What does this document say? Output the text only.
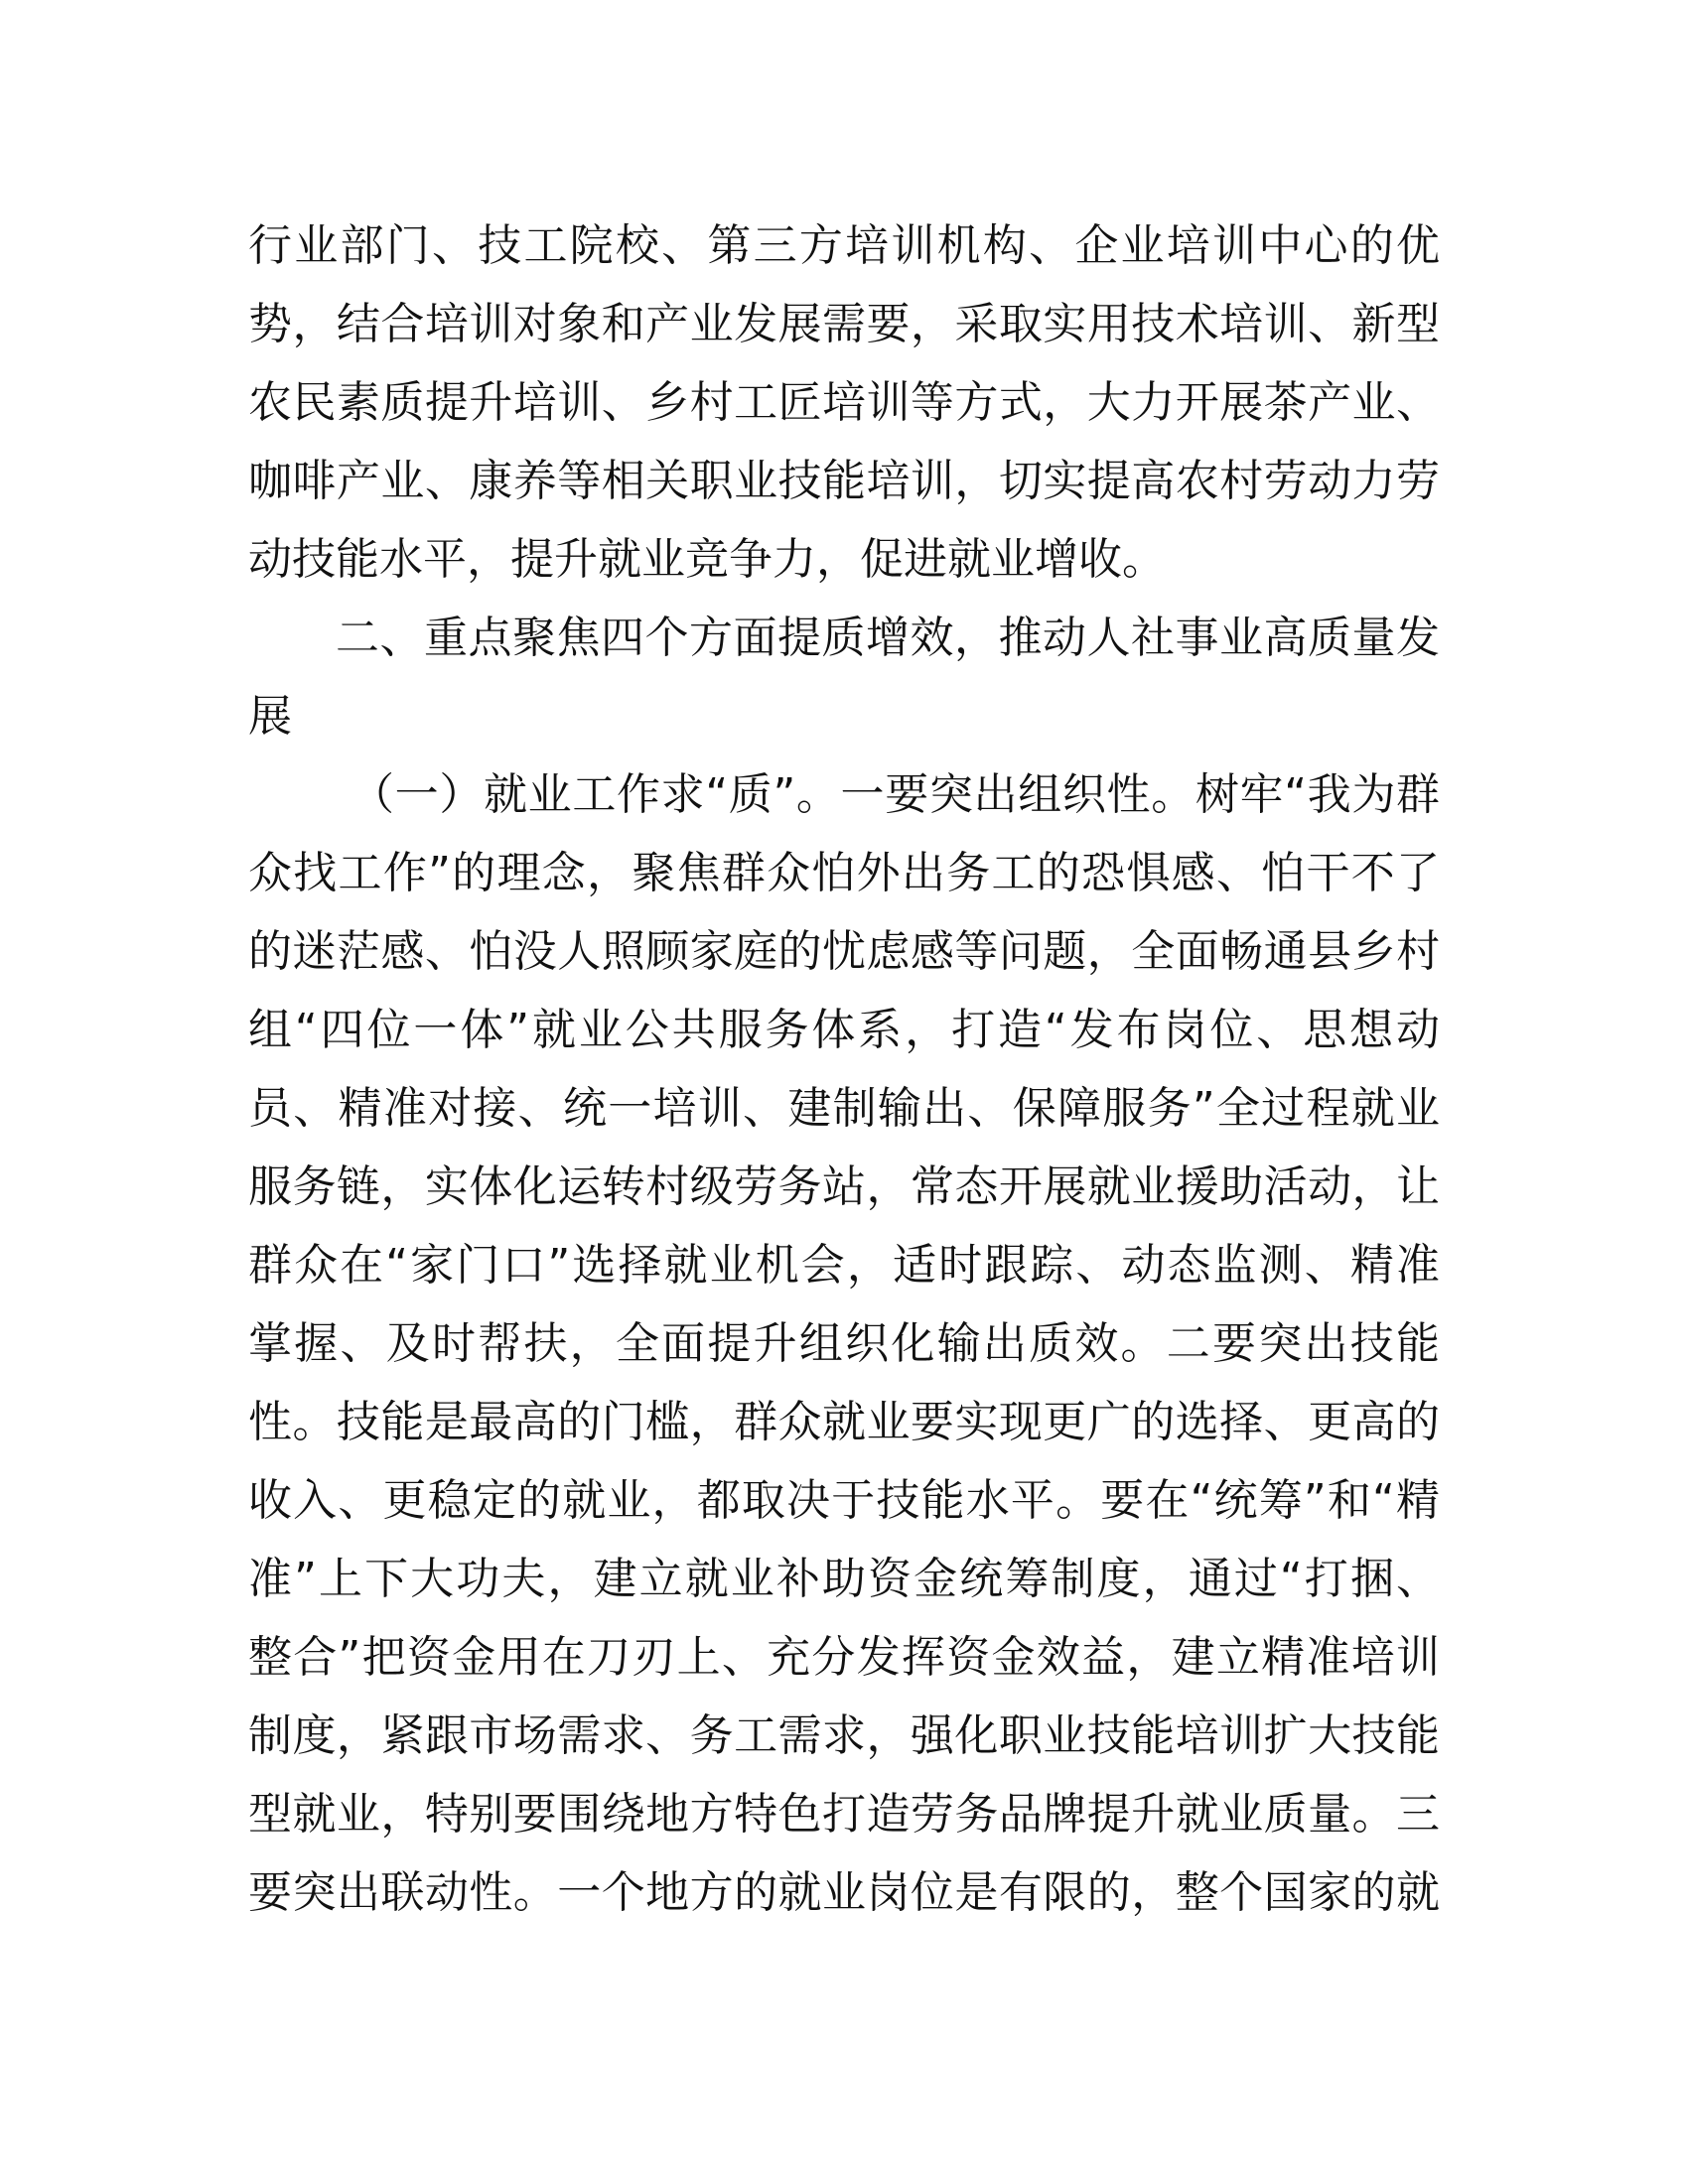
行业部门、技工院校、第三方培训机构、企业培训中心的优
势，结合培训对象和产业发展需要，采取实用技术培训、新型
农民素质提升培训、乡村工匠培训等方式，大力开展茶产业、
咖啡产业、康养等相关职业技能培训，切实提高农村劳动力劳
动技能水平，提升就业竞争力，促进就业增收。
二、重点聚焦四个方面提质增效，推动人社事业高质量发
展
（一）就业工作求“质”。一要突出组织性。树牢“我为群
众找工作”的理念，聚焦群众怕外出务工的恐惧感、怕干不了
的迷茫感、怕没人照顾家庭的忧虑感等问题，全面畅通县乡村
组“四位一体”就业公共服务体系，打造“发布岗位、思想动
员、精准对接、统一培训、建制输出、保障服务”全过程就业
服务链，实体化运转村级劳务站，常态开展就业援助活动，让
群众在“家门口”选择就业机会，适时跟踪、动态监测、精准
掌握、及时帮扶，全面提升组织化输出质效。二要突出技能
性。技能是最高的门槛，群众就业要实现更广的选择、更高的
收入、更稳定的就业，都取决于技能水平。要在“统筹”和“精
准”上下大功夫，建立就业补助资金统筹制度，通过“打捆、
整合”把资金用在刀刃上、充分发挥资金效益，建立精准培训
制度，紧跟市场需求、务工需求，强化职业技能培训扩大技能
型就业，特别要围绕地方特色打造劳务品牌提升就业质量。三
要突出联动性。一个地方的就业岗位是有限的，整个国家的就
